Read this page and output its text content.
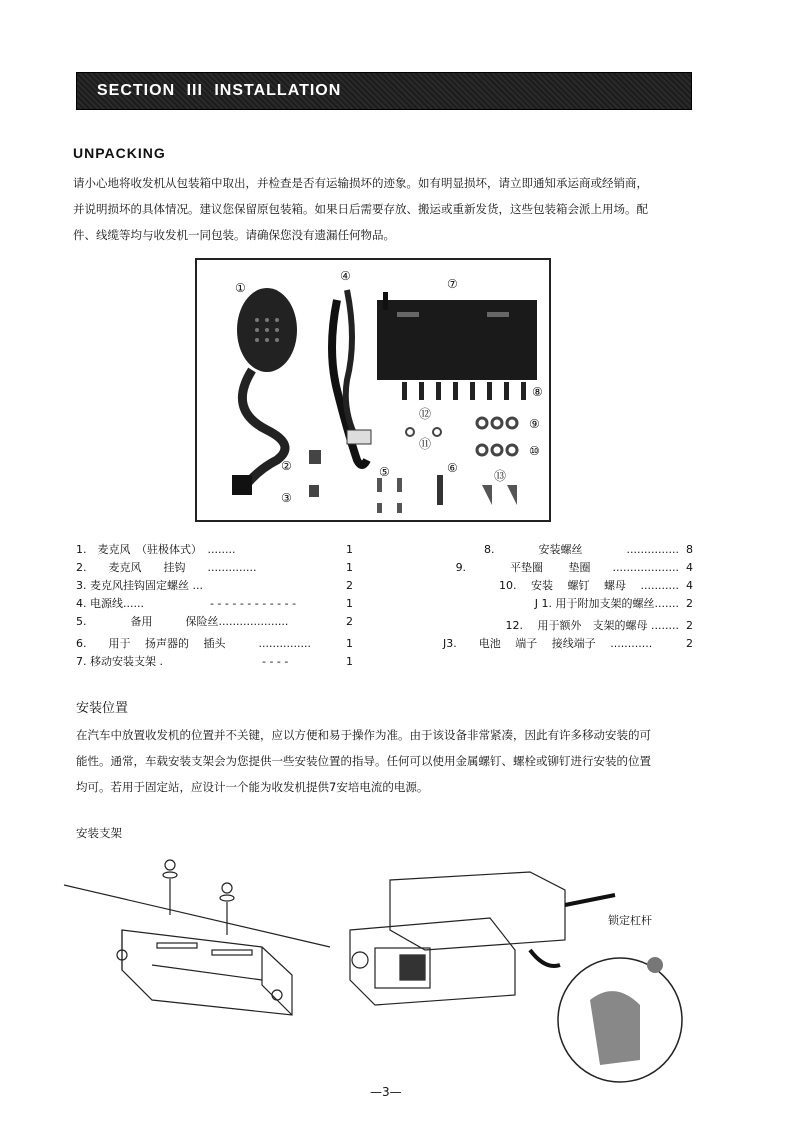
SECTION III INSTALLATION
UNPACKING
请小心地将收发机从包装箱中取出，并检查是否有运输损坏的迹象。如有明显损坏，请立即通知承运商或经销商，
并说明损坏的具体情况。建议您保留原包装箱。如果日后需要存放、搬运或重新发货，这些包装箱会派上用场。配
件、线缆等均与收发机一同包装。请确保您没有遗漏任何物品。
①
④
⑦
⑧
⑫
⑨
⑪	⑩
②	⑤	⑥
⑬
③
1.　麦克风　（驻极体式）　........	1
2.　　麦克风　　挂钩　　..............	1
3. 麦克风挂钩固定螺丝 ...	2
4. 电源线......　　　　　　- - - - - - - - - - - -	1
5.　　　　备用　　　保险丝....................	2
6.　　用于　 扬声器的　 插头　　　...............	1
7. 移动安装支架 .　　　　　　　　　- - - -	1
8.　　　　安装螺丝　　　　............... 8
9.　　　　平垫圈　　 垫圈　　................... 4
10.　 安装　 螺钉　 螺母　 ........... 4
J 1. 用于附加支架的螺丝....... 2
12.　 用于额外　支架的螺母 ........ 2
J3.　　电池　 端子　 接线端子　 ............	2
安装位置
在汽车中放置收发机的位置并不关键，应以方便和易于操作为准。由于该设备非常紧凑，因此有许多移动安装的可
能性。通常，车载安装支架会为您提供一些安装位置的指导。任何可以使用金属螺钉、螺栓或铆钉进行安装的位置
均可。若用于固定站，应设计一个能为收发机提供7安培电流的电源。
安装支架
锁定杠杆
—3—
